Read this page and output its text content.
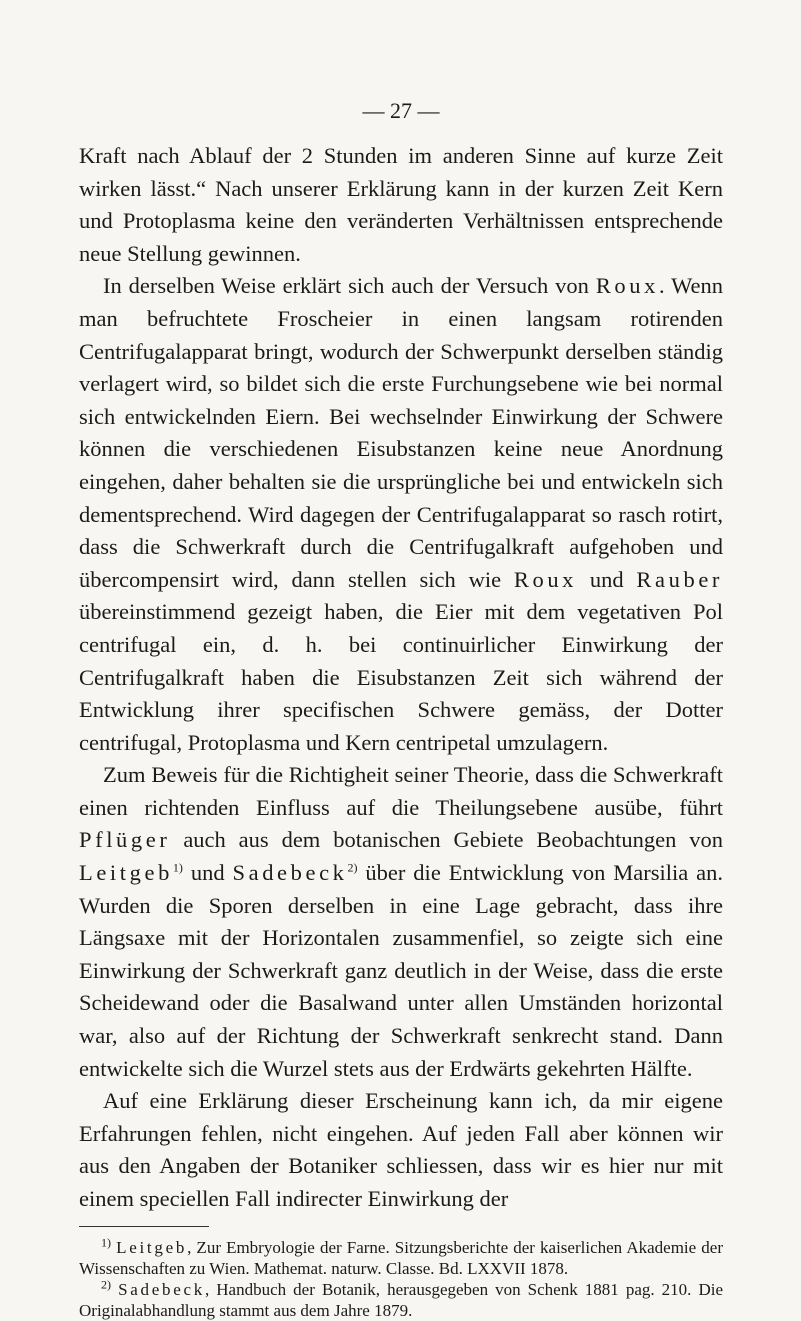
— 27 —

Kraft nach Ablauf der 2 Stunden im anderen Sinne auf kurze Zeit wirken lässt.“ Nach unserer Erklärung kann in der kurzen Zeit Kern und Protoplasma keine den veränderten Verhältnissen entsprechende neue Stellung gewinnen.

In derselben Weise erklärt sich auch der Versuch von Roux. Wenn man befruchtete Froscheier in einen langsam rotirenden Centrifugalapparat bringt, wodurch der Schwerpunkt derselben ständig verlagert wird, so bildet sich die erste Furchungsebene wie bei normal sich entwickelnden Eiern. Bei wechselnder Einwirkung der Schwere können die verschiedenen Eisubstanzen keine neue Anordnung eingehen, daher behalten sie die ursprüngliche bei und entwickeln sich dementsprechend. Wird dagegen der Centrifugalapparat so rasch rotirt, dass die Schwerkraft durch die Centrifugalkraft aufgehoben und übercompensirt wird, dann stellen sich wie Roux und Rauber übereinstimmend gezeigt haben, die Eier mit dem vegetativen Pol centrifugal ein, d. h. bei continuirlicher Einwirkung der Centrifugalkraft haben die Eisubstanzen Zeit sich während der Entwicklung ihrer specifischen Schwere gemäss, der Dotter centrifugal, Protoplasma und Kern centripetal umzulagern.

Zum Beweis für die Richtigheit seiner Theorie, dass die Schwerkraft einen richtenden Einfluss auf die Theilungsebene ausübe, führt Pflüger auch aus dem botanischen Gebiete Beobachtungen von Leitgeb$^{1)}$ und Sadebeck$^{2)}$ über die Entwicklung von Marsilia an. Wurden die Sporen derselben in eine Lage gebracht, dass ihre Längsaxe mit der Horizontalen zusammenfiel, so zeigte sich eine Einwirkung der Schwerkraft ganz deutlich in der Weise, dass die erste Scheidewand oder die Basalwand unter allen Umständen horizontal war, also auf der Richtung der Schwerkraft senkrecht stand. Dann entwickelte sich die Wurzel stets aus der Erdwärts gekehrten Hälfte.

Auf eine Erklärung dieser Erscheinung kann ich, da mir eigene Erfahrungen fehlen, nicht eingehen. Auf jeden Fall aber können wir aus den Angaben der Botaniker schliessen, dass wir es hier nur mit einem speciellen Fall indirecter Einwirkung der

$^{1)}$ Leitgeb, Zur Embryologie der Farne. Sitzungsberichte der kaiserlichen Akademie der Wissenschaften zu Wien. Mathemat. naturw. Classe. Bd. LXXVII 1878.

$^{2)}$ Sadebeck, Handbuch der Botanik, herausgegeben von Schenk 1881 pag. 210. Die Originalabhandlung stammt aus dem Jahre 1879.
